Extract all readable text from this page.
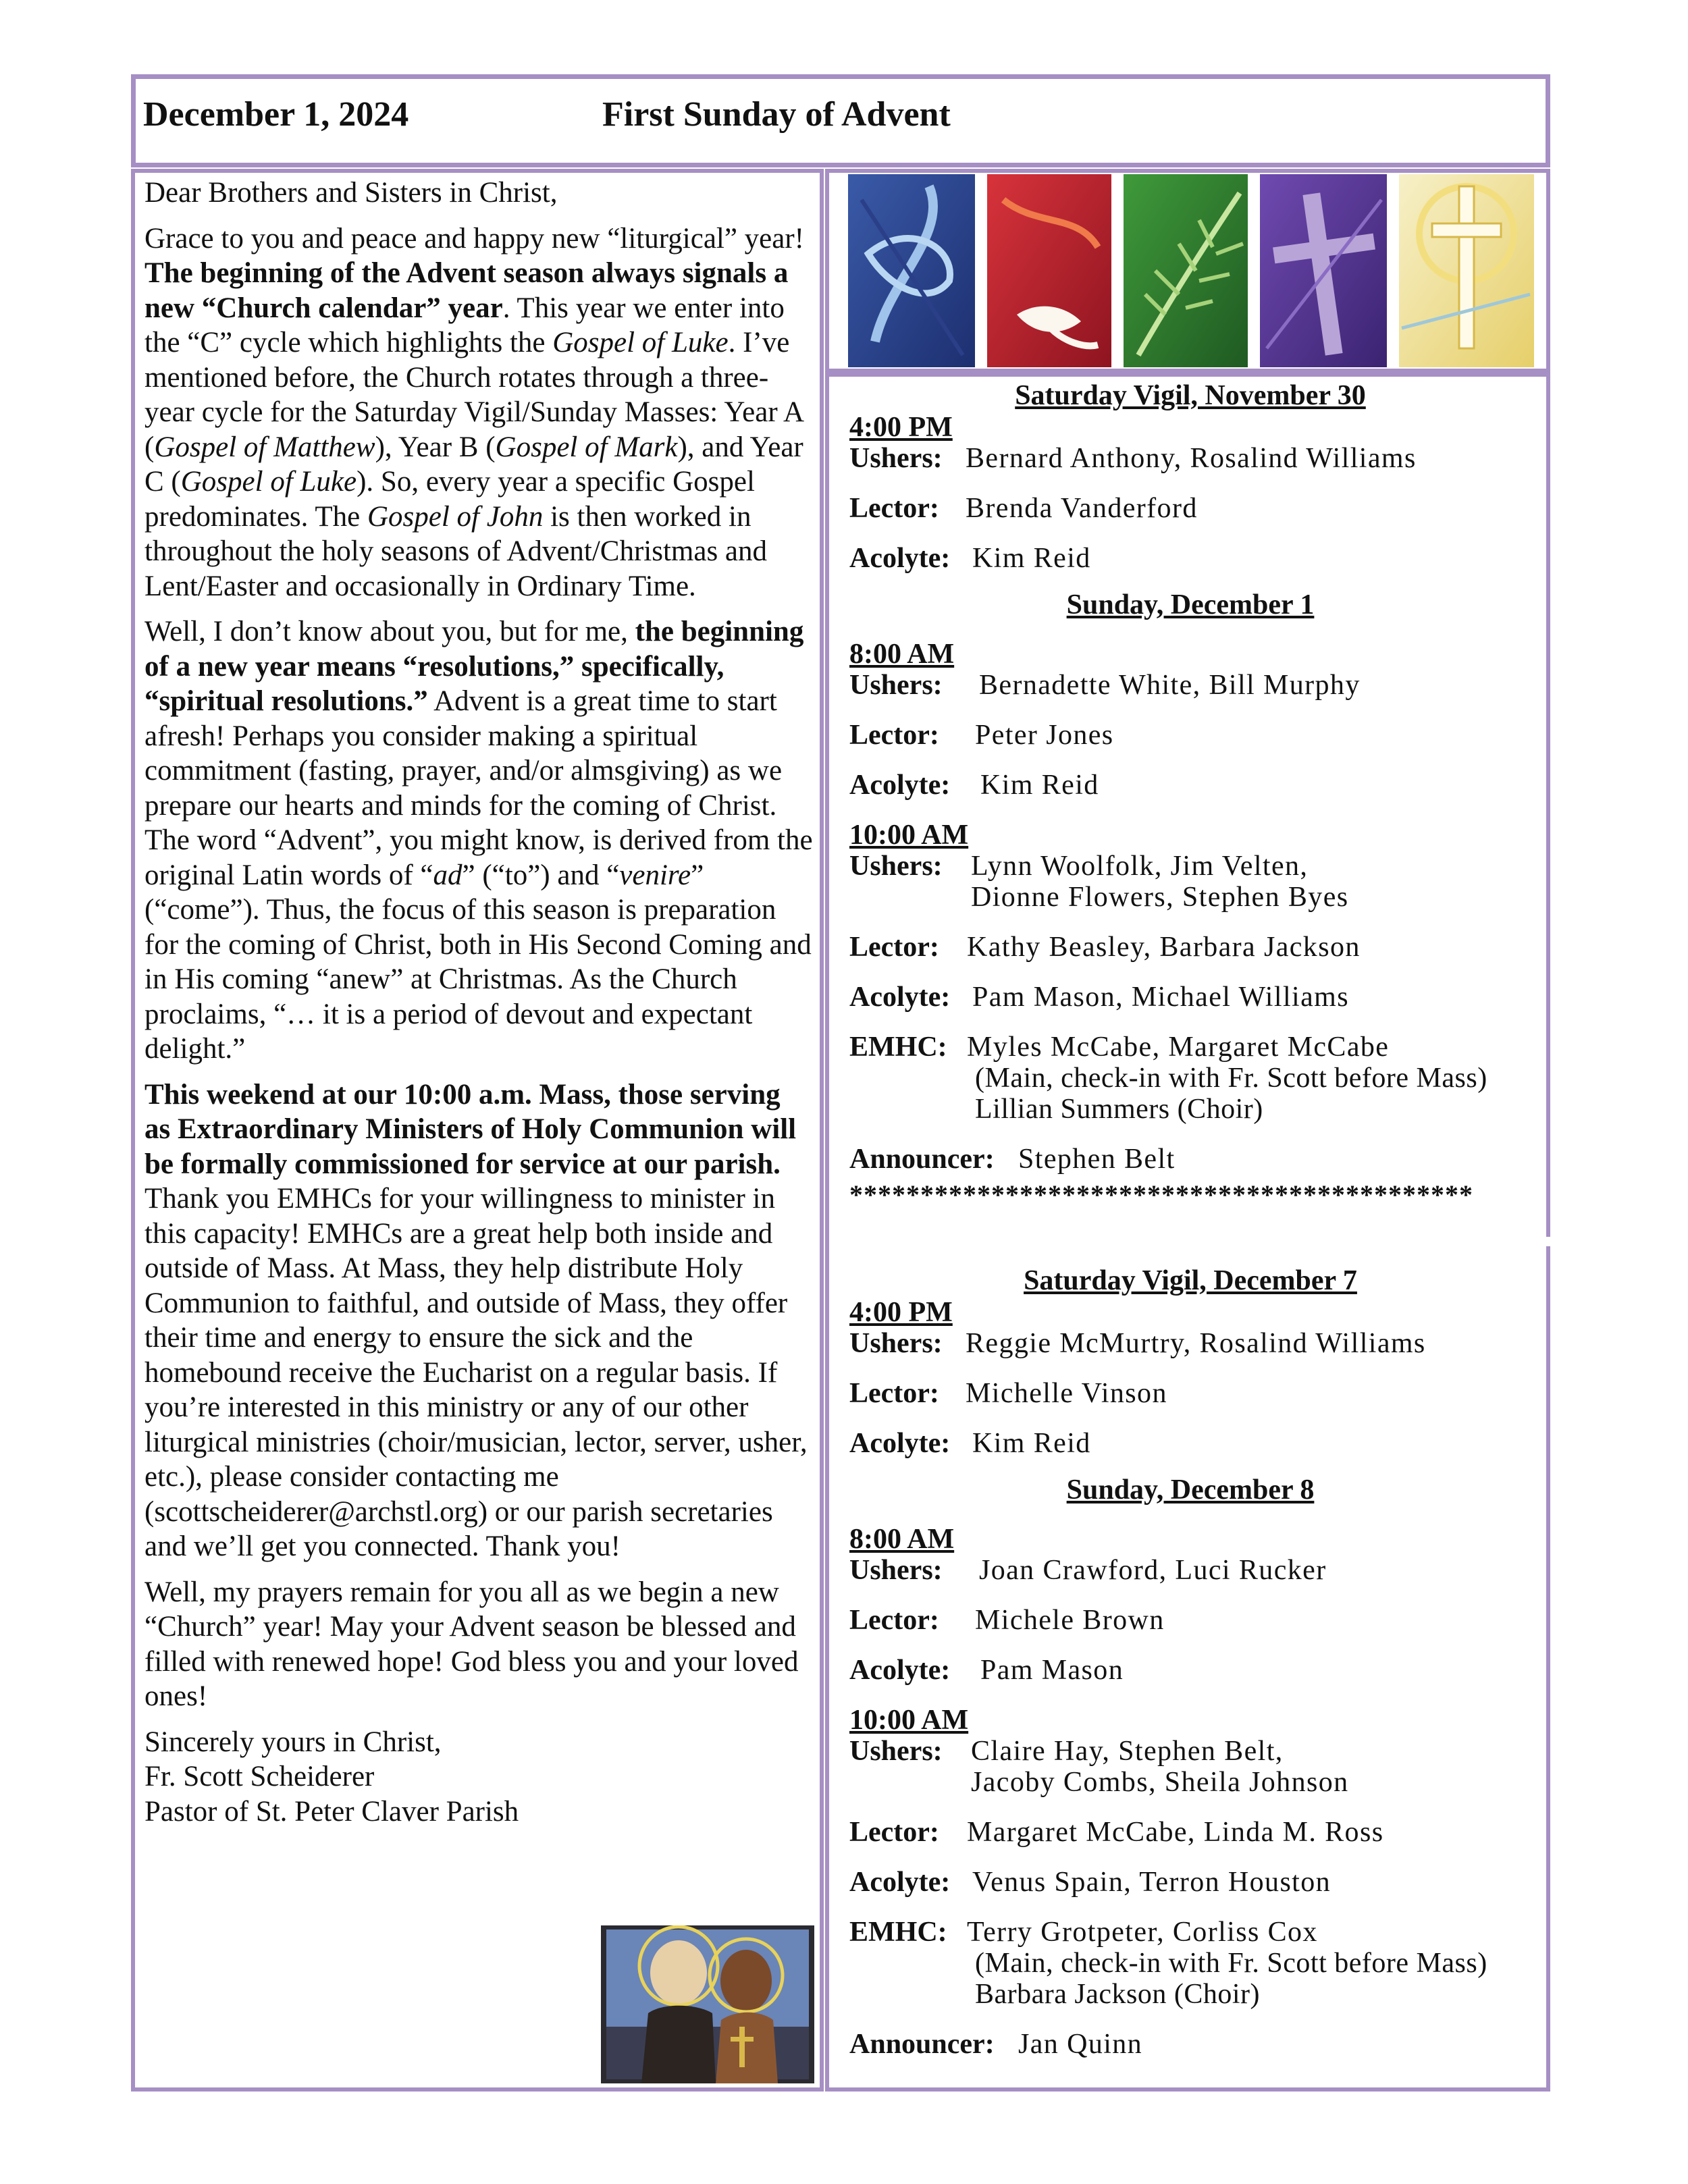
December 1, 2024	First Sunday of Advent

Dear Brothers and Sisters in Christ,

Grace to you and peace and happy new “liturgical” year! The beginning of the Advent season always signals a new “Church calendar” year. This year we enter into the “C” cycle which highlights the Gospel of Luke. I’ve mentioned before, the Church rotates through a three-year cycle for the Saturday Vigil/Sunday Masses: Year A (Gospel of Matthew), Year B (Gospel of Mark), and Year C (Gospel of Luke). So, every year a specific Gospel predominates. The Gospel of John is then worked in throughout the holy seasons of Advent/Christmas and Lent/Easter and occasionally in Ordinary Time.

Well, I don’t know about you, but for me, the beginning of a new year means “resolutions,” specifically, “spiritual resolutions.” Advent is a great time to start afresh! Perhaps you consider making a spiritual commitment (fasting, prayer, and/or almsgiving) as we prepare our hearts and minds for the coming of Christ. The word “Advent”, you might know, is derived from the original Latin words of “ad” (“to”) and “venire” (“come”). Thus, the focus of this season is preparation for the coming of Christ, both in His Second Coming and in His coming “anew” at Christmas. As the Church proclaims, “… it is a period of devout and expectant delight.”

This weekend at our 10:00 a.m. Mass, those serving as Extraordinary Ministers of Holy Communion will be formally commissioned for service at our parish. Thank you EMHCs for your willingness to minister in this capacity! EMHCs are a great help both inside and outside of Mass. At Mass, they help distribute Holy Communion to faithful, and outside of Mass, they offer their time and energy to ensure the sick and the homebound receive the Eucharist on a regular basis. If you’re interested in this ministry or any of our other liturgical ministries (choir/musician, lector, server, usher, etc.), please consider contacting me (scottscheiderer@archstl.org) or our parish secretaries and we’ll get you connected. Thank you!

Well, my prayers remain for you all as we begin a new “Church” year! May your Advent season be blessed and filled with renewed hope! God bless you and your loved ones!

Sincerely yours in Christ,
Fr. Scott Scheiderer
Pastor of St. Peter Claver Parish
Saturday Vigil, November 30
4:00 PM
Ushers: Bernard Anthony, Rosalind Williams
Lector: Brenda Vanderford
Acolyte: Kim Reid
Sunday, December 1
8:00 AM
Ushers:	Bernadette White, Bill Murphy
Lector:	Peter Jones
Acolyte:	Kim Reid
10:00 AM
Ushers:	Lynn Woolfolk, Jim Velten,
Dionne Flowers, Stephen Byes
Lector: Kathy Beasley, Barbara Jackson
Acolyte: Pam Mason, Michael Williams
EMHC: Myles McCabe, Margaret McCabe
(Main, check-in with Fr. Scott before Mass)
Lillian Summers (Choir)
Announcer: Stephen Belt
********************************************
Saturday Vigil, December 7
4:00 PM
Ushers: Reggie McMurtry, Rosalind Williams
Lector: Michelle Vinson
Acolyte: Kim Reid
Sunday, December 8
8:00 AM
Ushers:	Joan Crawford, Luci Rucker
Lector:	Michele Brown
Acolyte:	Pam Mason
10:00 AM
Ushers:	Claire Hay, Stephen Belt,
Jacoby Combs, Sheila Johnson
Lector: Margaret McCabe, Linda M. Ross
Acolyte: Venus Spain, Terron Houston
EMHC: Terry Grotpeter, Corliss Cox
(Main, check-in with Fr. Scott before Mass)
Barbara Jackson (Choir)
Announcer: Jan Quinn
